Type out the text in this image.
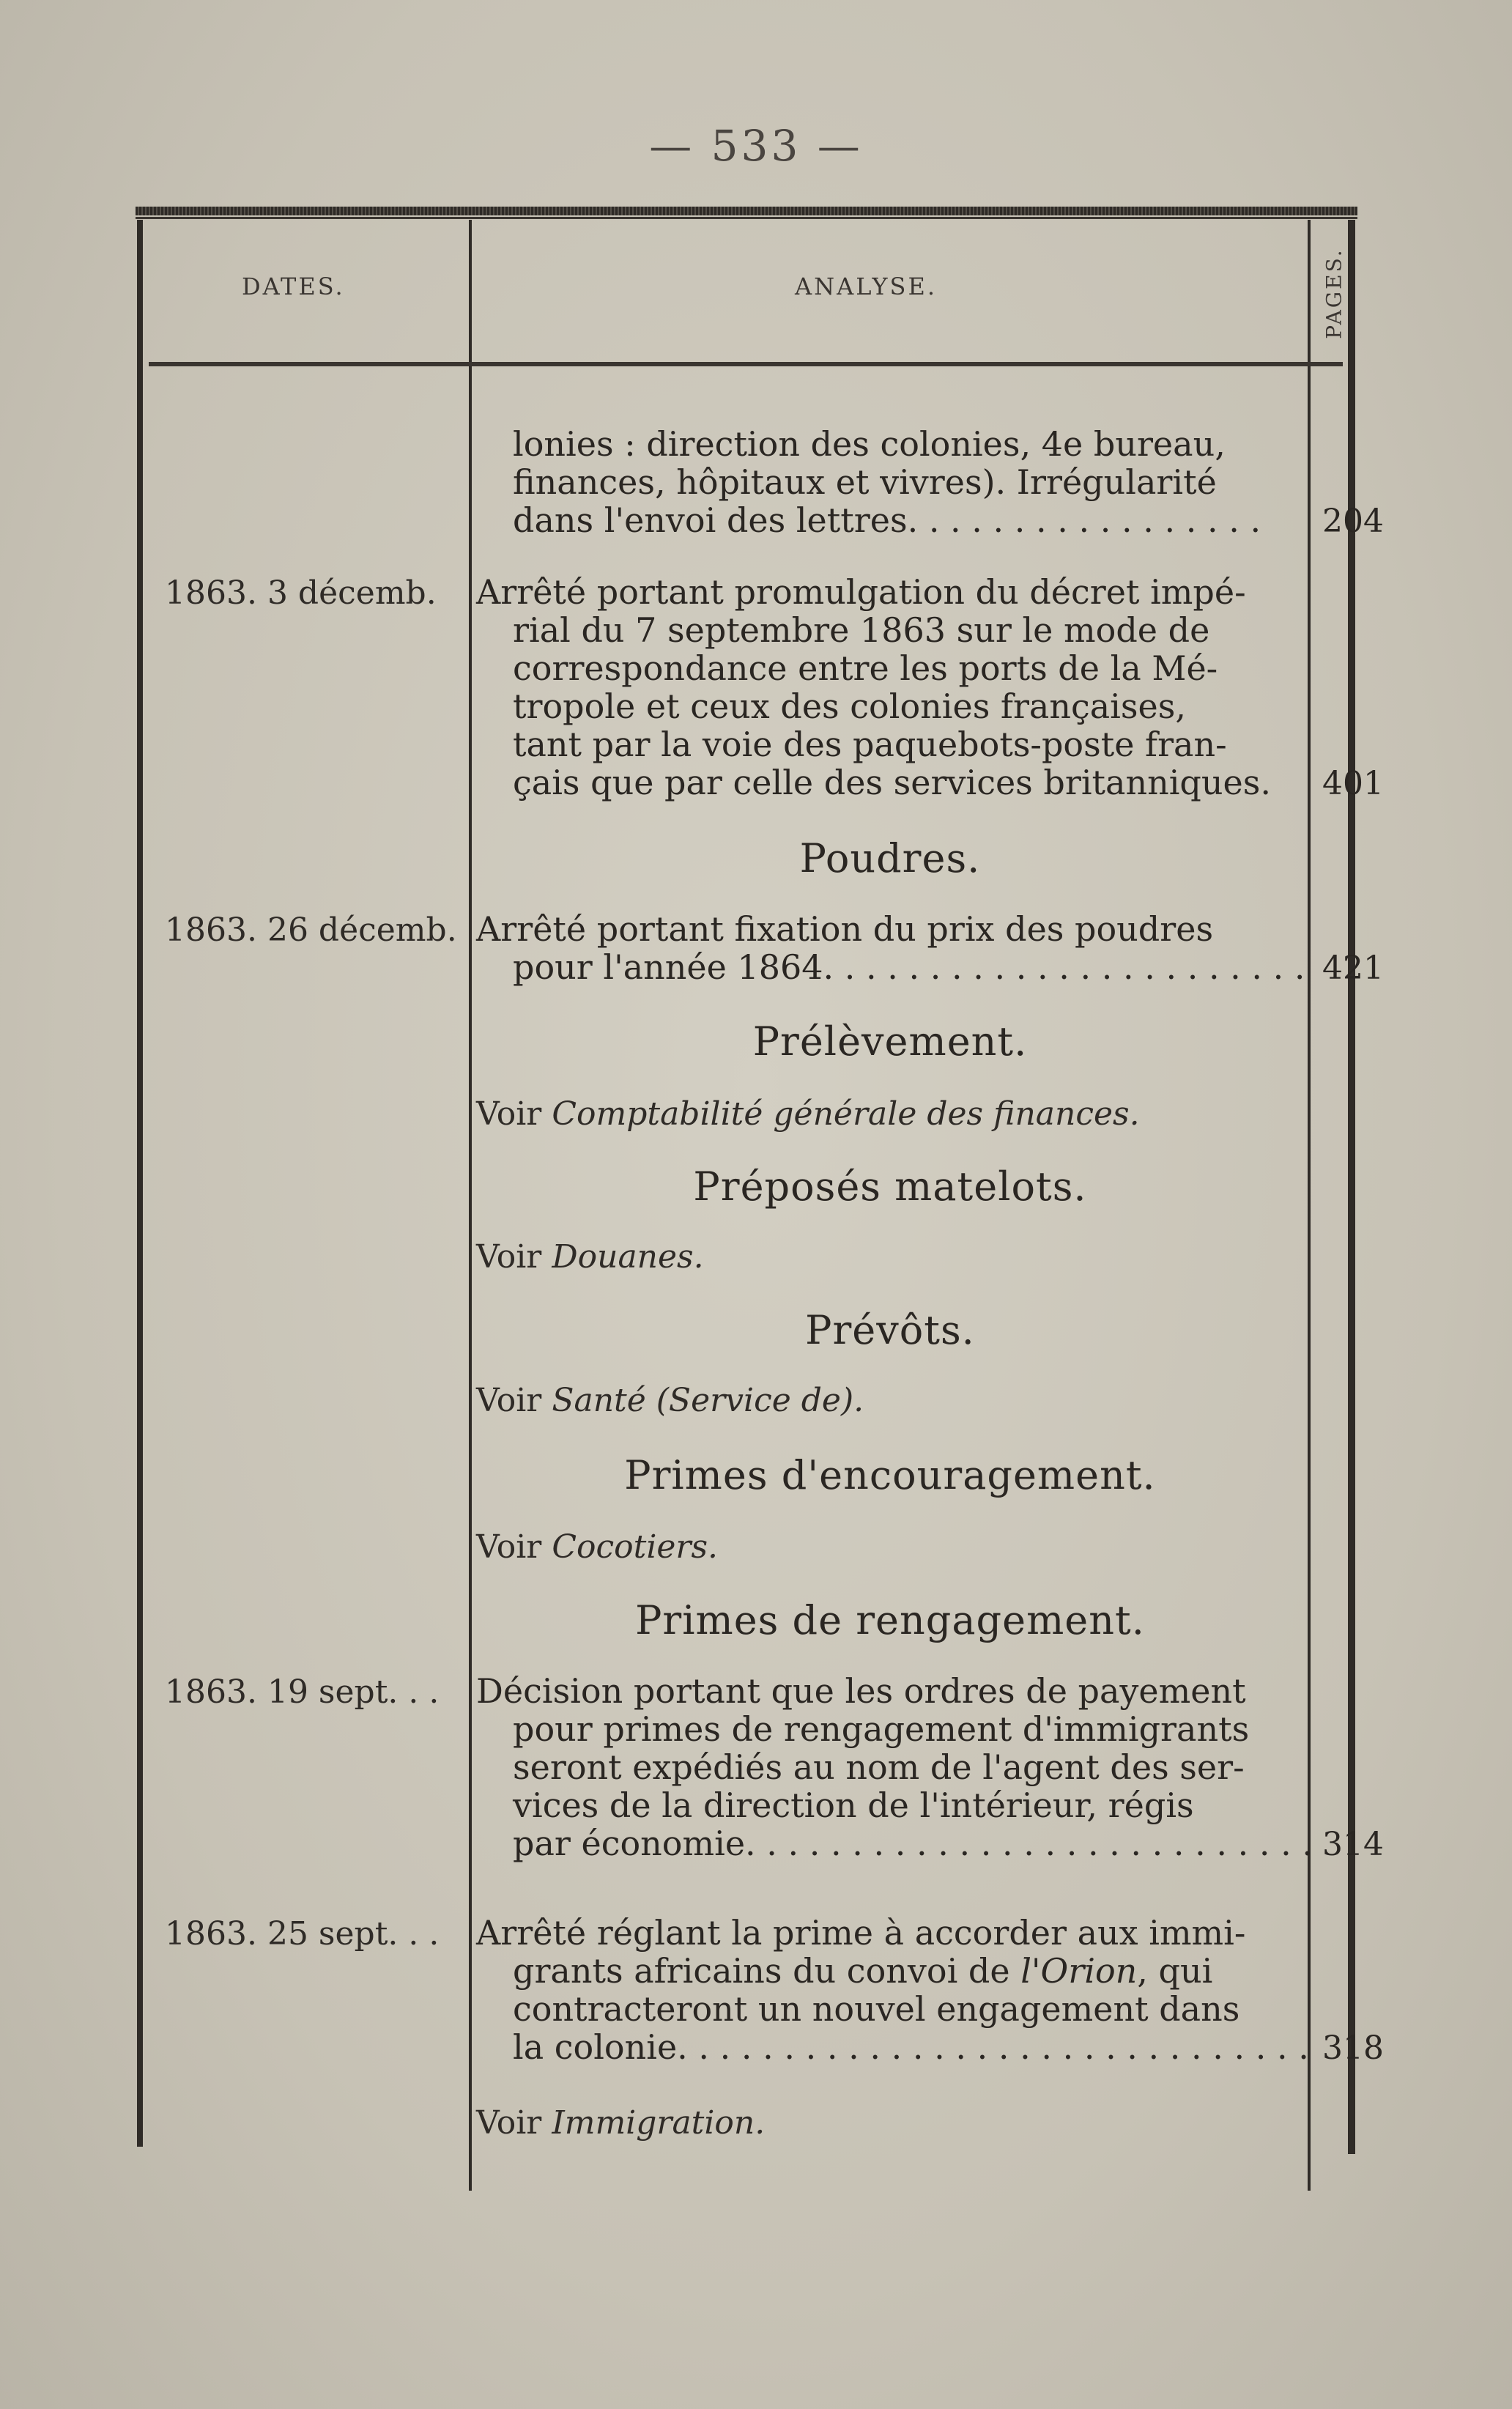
— 533 —
DATES.	ANALYSE.	PAGES.
lonies : direction des colonies, 4e bureau,
finances, hôpitaux et vivres). Irrégularité
dans l'envoi des lettres. . . . . . . . . . . . . . . . . 204
1863. 3 décemb. Arrêté portant promulgation du décret impé-
rial du 7 septembre 1863 sur le mode de
correspondance entre les ports de la Mé-
tropole et ceux des colonies françaises,
tant par la voie des paquebots-poste fran-
çais que par celle des services britanniques. 401
Poudres.
1863. 26 décemb. Arrêté portant fixation du prix des poudres
pour l'année 1864. . . . . . . . . . . . . . . . . . . . . . . 421
Prélèvement.
Voir Comptabilité générale des finances.
Préposés matelots.
Voir Douanes.
Prévôts.
Voir Santé (Service de).
Primes d'encouragement.
Voir Cocotiers.
Primes de rengagement.
1863. 19 sept. . . Décision portant que les ordres de payement
pour primes de rengagement d'immigrants
seront expédiés au nom de l'agent des ser-
vices de la direction de l'intérieur, régis
par économie. . . . . . . . . . . . . . . . . . . . . . . . . . . 314
1863. 25 sept. . . Arrêté réglant la prime à accorder aux immi-
grants africains du convoi de l'Orion, qui
contracteront un nouvel engagement dans
la colonie. . . . . . . . . . . . . . . . . . . . . . . . . . . . . . 318
Voir Immigration.
